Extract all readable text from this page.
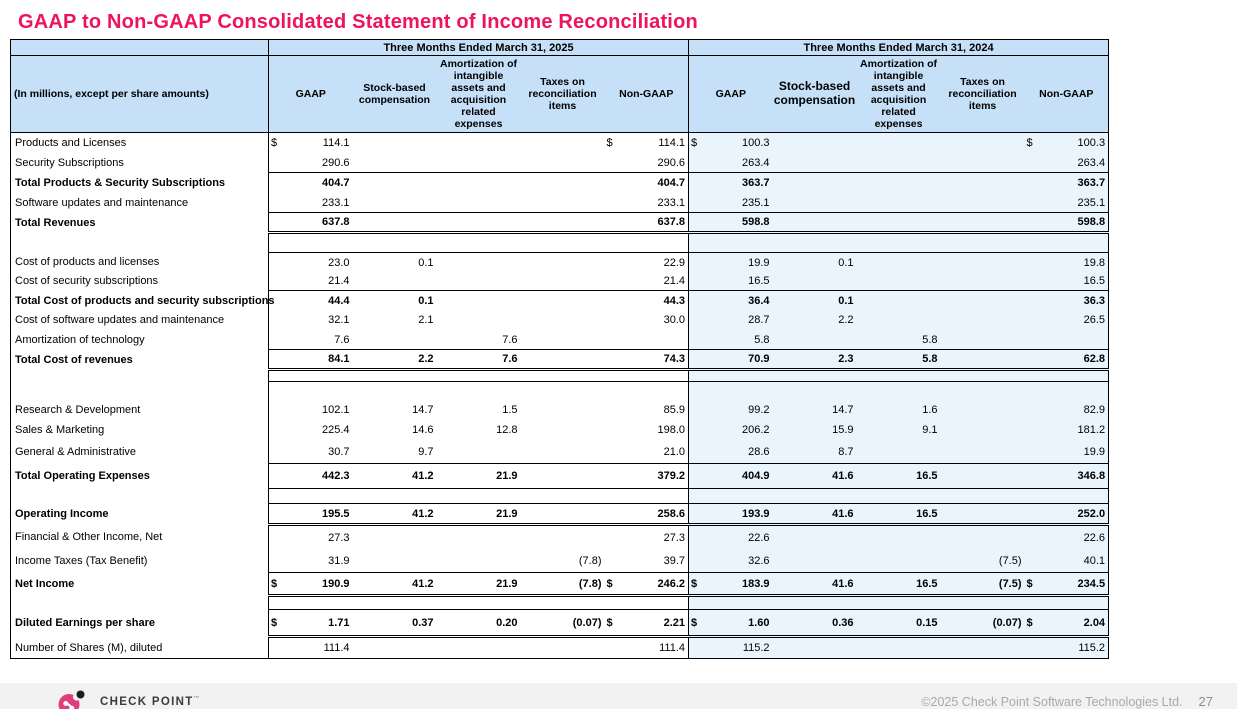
GAAP to Non-GAAP Consolidated Statement of Income Reconciliation
	Three Months Ended March 31, 2025					Three Months Ended March 31, 2024				
(In millions, except per share amounts)	GAAP	Stock-based compensation	Amortization of intangible assets and acquisition related expenses	Taxes on reconciliation items	Non-GAAP	GAAP	Stock-based compensation	Amortization of intangible assets and acquisition related expenses	Taxes on reconciliation items	Non-GAAP
Products and Licenses	$ 114.1				$ 114.1	$ 100.3				$ 100.3

Security Subscriptions	290.6				290.6	263.4				263.4

Total Products & Security Subscriptions	404.7				404.7	363.7				363.7

Software updates and maintenance	233.1				233.1	235.1				235.1

Total Revenues	637.8				637.8	598.8				598.8

Cost of products and licenses	23.0	0.1			22.9	19.9	0.1			19.8

Cost of security subscriptions	21.4				21.4	16.5				16.5

Total Cost of products and security subscriptions	44.4	0.1			44.3	36.4	0.1			36.3

Cost of software updates and maintenance	32.1	2.1			30.0	28.7	2.2			26.5

Amortization of technology	7.6		7.6			5.8		5.8		

Total Cost of revenues	84.1	2.2	7.6		74.3	70.9	2.3	5.8		62.8

Research & Development	102.1	14.7	1.5		85.9	99.2	14.7	1.6		82.9

Sales & Marketing	225.4	14.6	12.8		198.0	206.2	15.9	9.1		181.2

General & Administrative	30.7	9.7			21.0	28.6	8.7			19.9

Total Operating Expenses	442.3	41.2	21.9		379.2	404.9	41.6	16.5		346.8

Operating Income	195.5	41.2	21.9		258.6	193.9	41.6	16.5		252.0

Financial & Other Income, Net	27.3				27.3	22.6				22.6

Income Taxes (Tax Benefit)	31.9			(7.8)	39.7	32.6			(7.5)	40.1

Net Income	$ 190.9	41.2	21.9	(7.8)	$ 246.2	$ 183.9	41.6	16.5	(7.5)	$ 234.5

Diluted Earnings per share	$ 1.71	0.37	0.20	(0.07)	$ 2.21	$ 1.60	0.36	0.15	(0.07)	$ 2.04

Number of Shares (M), diluted	111.4				111.4	115.2				115.2
CHECK POINT™	©2025 Check Point Software Technologies Ltd. 27
